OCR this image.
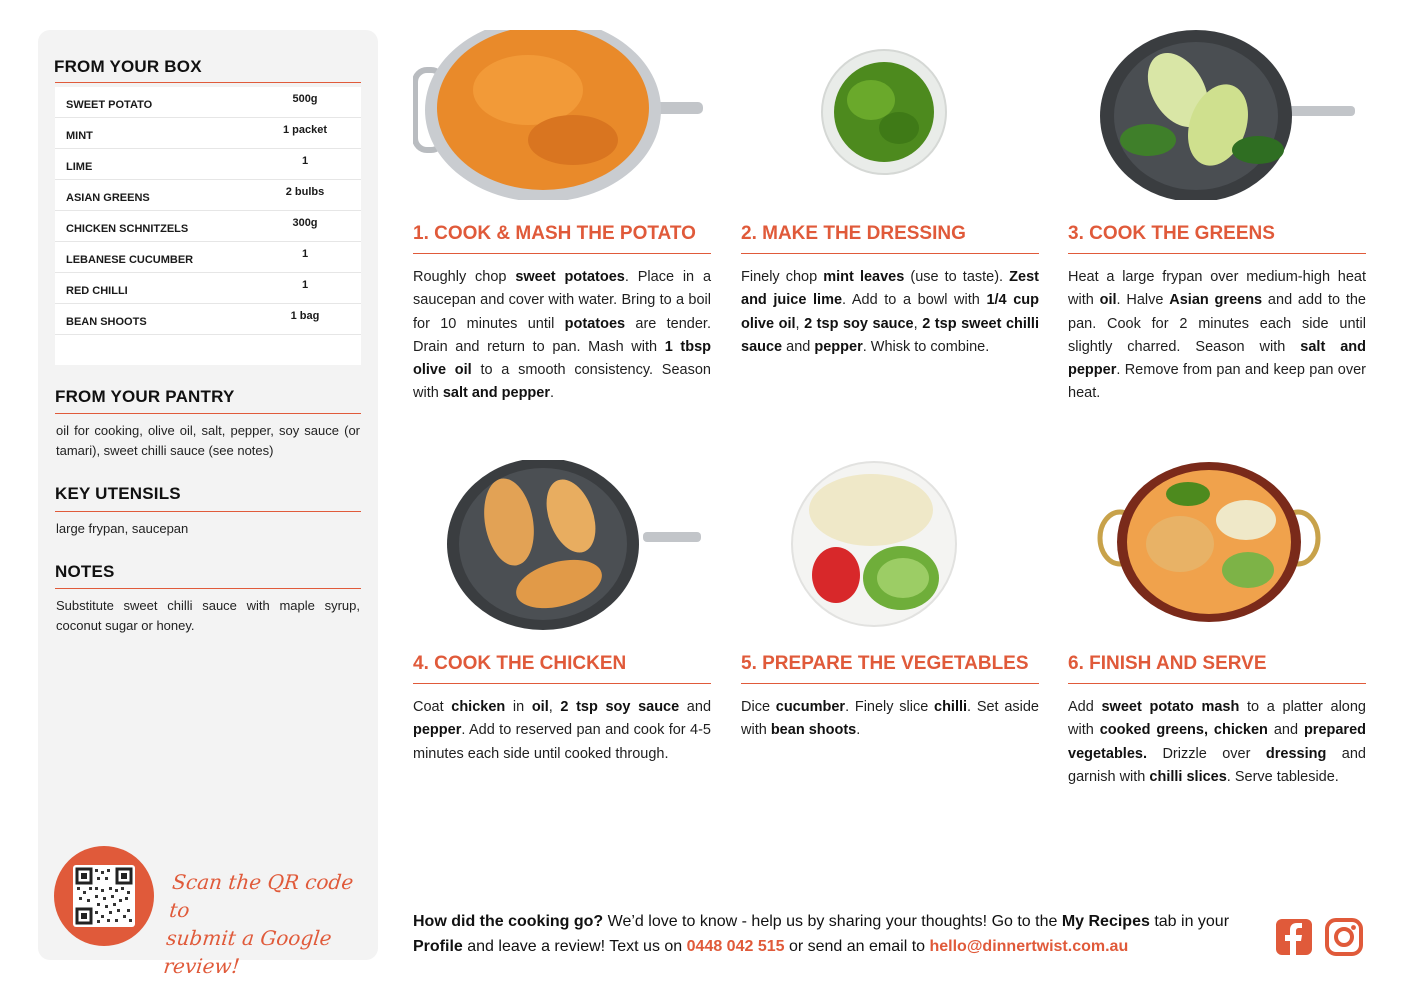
FROM YOUR BOX
SWEET POTATO	500g
MINT	1 packet
LIME	1
ASIAN GREENS	2 bulbs
CHICKEN SCHNITZELS	300g
LEBANESE CUCUMBER	1
RED CHILLI	1
BEAN SHOOTS	1 bag
FROM YOUR PANTRY
oil for cooking, olive oil, salt, pepper, soy sauce (or tamari), sweet chilli sauce (see notes)
KEY UTENSILS
large frypan, saucepan
NOTES
Substitute sweet chilli sauce with maple syrup, coconut sugar or honey.
Scan the QR code to
submit a Google review!
1. COOK & MASH THE POTATO
Roughly chop sweet potatoes. Place in a saucepan and cover with water. Bring to a boil for 10 minutes until potatoes are tender. Drain and return to pan. Mash with 1 tbsp olive oil to a smooth consistency. Season with salt and pepper.
2. MAKE THE DRESSING
Finely chop mint leaves (use to taste). Zest and juice lime. Add to a bowl with 1/4 cup olive oil, 2 tsp soy sauce, 2 tsp sweet chilli sauce and pepper. Whisk to combine.
3. COOK THE GREENS
Heat a large frypan over medium-high heat with oil. Halve Asian greens and add to the pan. Cook for 2 minutes each side until slightly charred. Season with salt and pepper. Remove from pan and keep pan over heat.
4. COOK THE CHICKEN
Coat chicken in oil, 2 tsp soy sauce and pepper. Add to reserved pan and cook for 4-5 minutes each side until cooked through.
5. PREPARE THE VEGETABLES
Dice cucumber. Finely slice chilli. Set aside with bean shoots.
6. FINISH AND SERVE
Add sweet potato mash to a platter along with cooked greens, chicken and prepared vegetables. Drizzle over dressing and garnish with chilli slices. Serve tableside.
How did the cooking go? We’d love to know - help us by sharing your thoughts! Go to the My Recipes tab in your Profile and leave a review! Text us on 0448 042 515 or send an email to hello@dinnertwist.com.au
